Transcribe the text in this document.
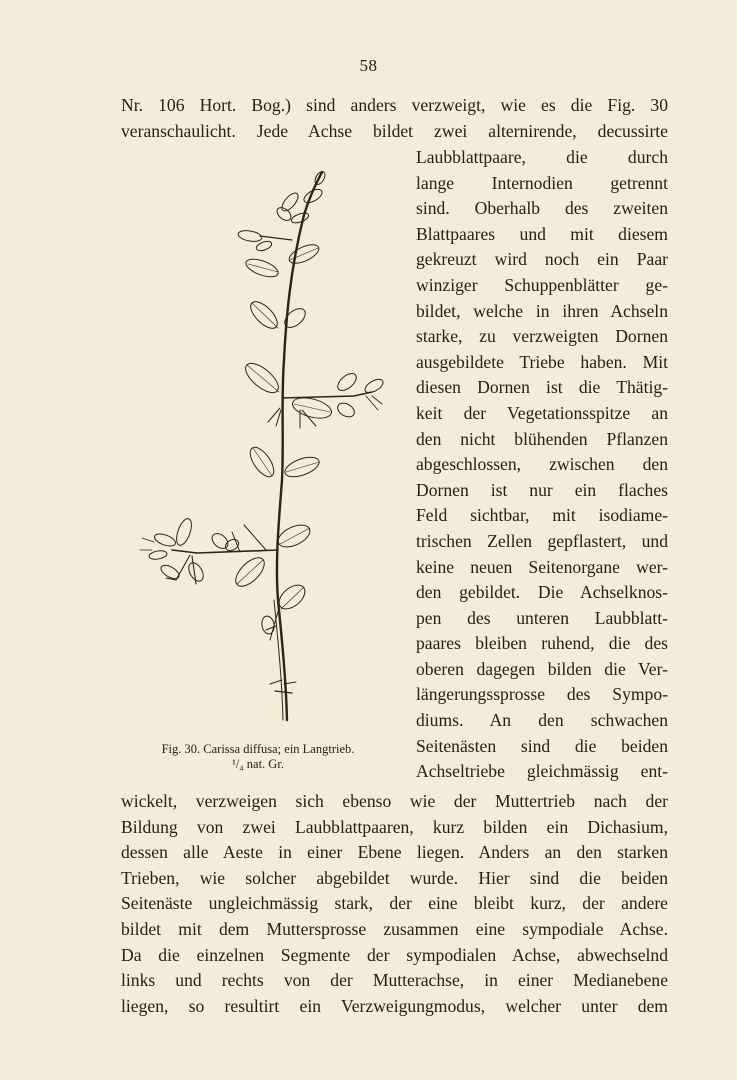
58
Nr. 106 Hort. Bog.) sind anders verzweigt, wie es die Fig. 30
veranschaulicht. Jede Achse bildet zwei alternirende, decussirte
Laubblattpaare, die durch
lange Internodien getrennt
sind. Oberhalb des zweiten
Blattpaares und mit diesem
gekreuzt wird noch ein Paar
winziger Schuppenblätter ge-
bildet, welche in ihren Achseln
starke, zu verzweigten Dornen
ausgebildete Triebe haben. Mit
diesen Dornen ist die Thätig-
keit der Vegetationsspitze an
den nicht blühenden Pflanzen
abgeschlossen, zwischen den
Dornen ist nur ein flaches
Feld sichtbar, mit isodiame-
trischen Zellen gepflastert, und
keine neuen Seitenorgane wer-
den gebildet. Die Achselknos-
pen des unteren Laubblatt-
paares bleiben ruhend, die des
oberen dagegen bilden die Ver-
längerungssprosse des Sympo-
diums. An den schwachen
Seitenästen sind die beiden
Achseltriebe gleichmässig ent-
Fig. 30. Carissa diffusa; ein Langtrieb.
¹/₄ nat. Gr.
wickelt, verzweigen sich ebenso wie der Muttertrieb nach der
Bildung von zwei Laubblattpaaren, kurz bilden ein Dichasium,
dessen alle Aeste in einer Ebene liegen. Anders an den starken
Trieben, wie solcher abgebildet wurde. Hier sind die beiden
Seitenäste ungleichmässig stark, der eine bleibt kurz, der andere
bildet mit dem Muttersprosse zusammen eine sympodiale Achse.
Da die einzelnen Segmente der sympodialen Achse, abwechselnd
links und rechts von der Mutterachse, in einer Medianebene
liegen, so resultirt ein Verzweigungmodus, welcher unter dem
